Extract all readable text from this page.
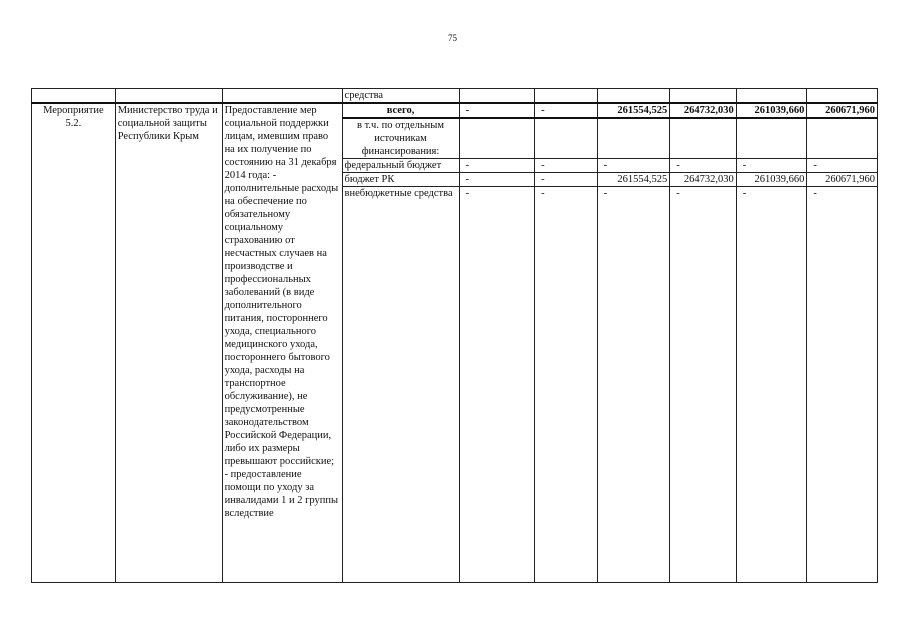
75
			средства						

Мероприятие
5.2.	Министерство труда и социальной защиты Республики Крым	Предоставление мер социальной поддержки лицам, имевшим право на их получение по состоянию на 31 декабря 2014 года: - дополнительные расходы на обеспечение по обязательному социальному страхованию от несчастных случаев на производстве и профессиональных заболеваний (в виде дополнительного питания, постороннего ухода, специального медицинского ухода, постороннего бытового ухода, расходы на транспортное обслуживание), не предусмотренные законодательством Российской Федерации, либо их размеры превышают российские; - предоставление помощи по уходу за инвалидами 1 и 2 группы вследствие	всего,	-	-	261554,525	264732,030	261039,660	260671,960
			в т.ч. по отдельным источникам финансирования:						
			федеральный бюджет	-	-	-	-	-	-
			бюджет РК	-	-	261554,525	264732,030	261039,660	260671,960
			внебюджетные средства	-	-	-	-	-	-
